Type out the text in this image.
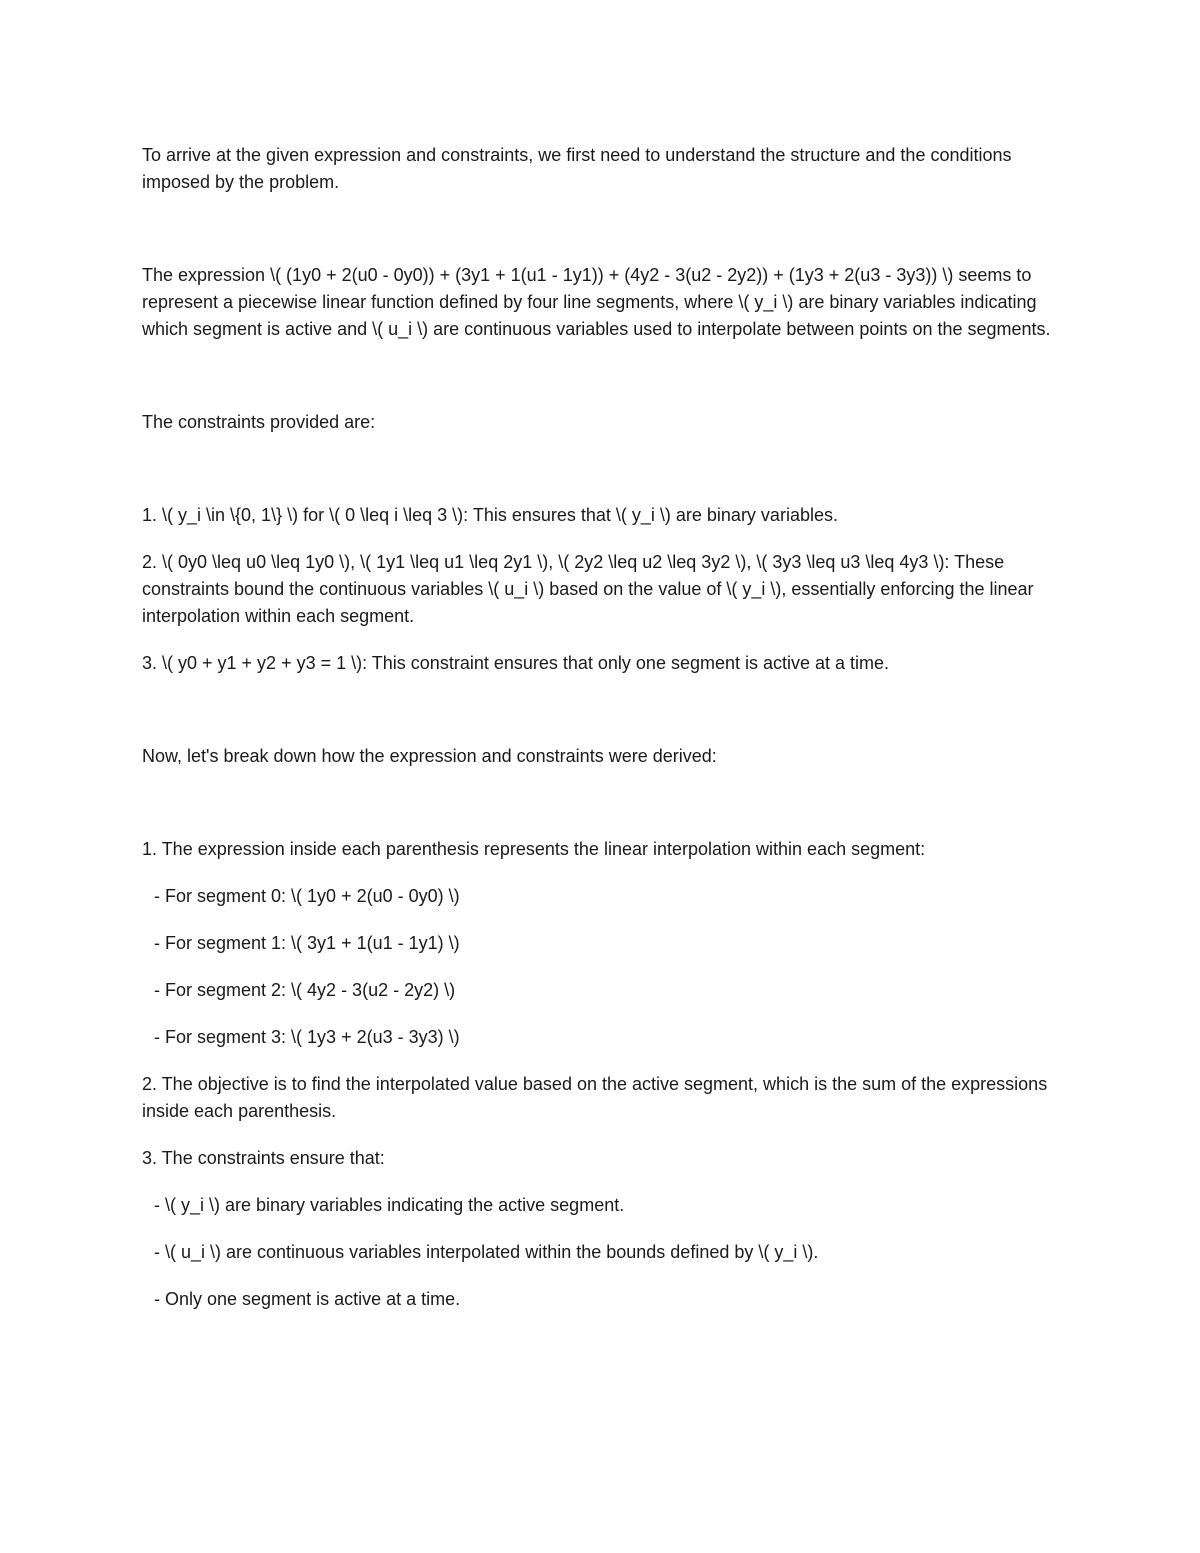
To arrive at the given expression and constraints, we first need to understand the structure and the conditions imposed by the problem.

The expression \( (1y0 + 2(u0 - 0y0)) + (3y1 + 1(u1 - 1y1)) + (4y2 - 3(u2 - 2y2)) + (1y3 + 2(u3 - 3y3)) \) seems to represent a piecewise linear function defined by four line segments, where \( y_i \) are binary variables indicating which segment is active and \( u_i \) are continuous variables used to interpolate between points on the segments.

The constraints provided are:

1. \( y_i \in \{0, 1\} \) for \( 0 \leq i \leq 3 \): This ensures that \( y_i \) are binary variables.

2. \( 0y0 \leq u0 \leq 1y0 \), \( 1y1 \leq u1 \leq 2y1 \), \( 2y2 \leq u2 \leq 3y2 \), \( 3y3 \leq u3 \leq 4y3 \): These constraints bound the continuous variables \( u_i \) based on the value of \( y_i \), essentially enforcing the linear interpolation within each segment.

3. \( y0 + y1 + y2 + y3 = 1 \): This constraint ensures that only one segment is active at a time.

Now, let's break down how the expression and constraints were derived:

1. The expression inside each parenthesis represents the linear interpolation within each segment:

- For segment 0: \( 1y0 + 2(u0 - 0y0) \)

- For segment 1: \( 3y1 + 1(u1 - 1y1) \)

- For segment 2: \( 4y2 - 3(u2 - 2y2) \)

- For segment 3: \( 1y3 + 2(u3 - 3y3) \)

2. The objective is to find the interpolated value based on the active segment, which is the sum of the expressions inside each parenthesis.

3. The constraints ensure that:

- \( y_i \) are binary variables indicating the active segment.

- \( u_i \) are continuous variables interpolated within the bounds defined by \( y_i \).

- Only one segment is active at a time.
